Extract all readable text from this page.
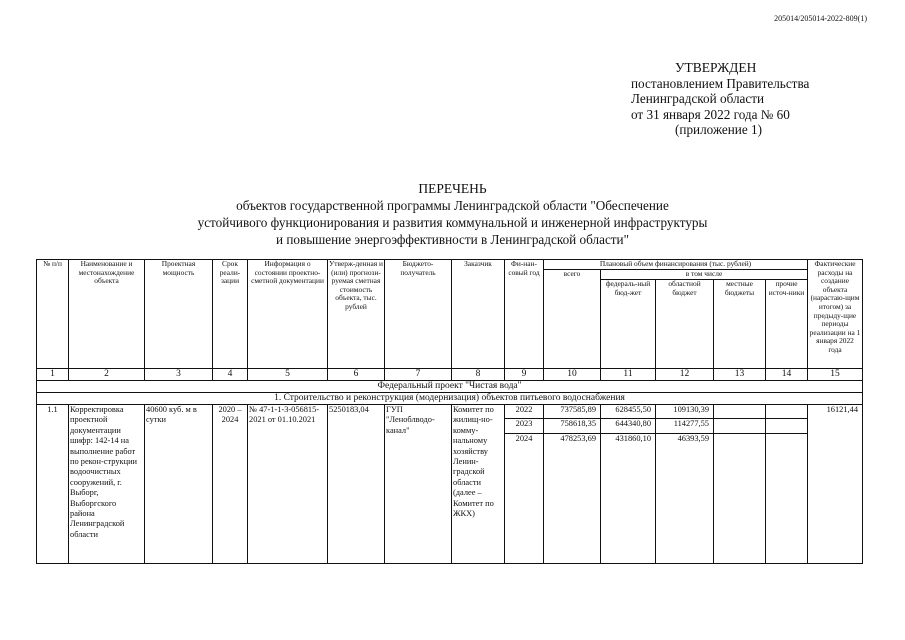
205014/205014-2022-809(1)
УТВЕРЖДЕН
постановлением Правительства
Ленинградской области
от 31 января 2022 года № 60
(приложение 1)
ПЕРЕЧЕНЬ
объектов государственной программы Ленинградской области "Обеспечение
устойчивого функционирования и развития коммунальной и инженерной инфраструктуры
и повышение энергоэффективности в Ленинградской области"
№ п/п	Наименование и местонахождение объекта	Проектная мощность	Срок реали-зации	Информация о состоянии проектно-сметной документации	Утверж-денная и (или) прогнози-руемая сметная стоимость объекта, тыс. рублей	Бюджето-получатель	Заказчик	Фи-нан-совый год	Плановый объем финансирования (тыс. рублей)					Фактические расходы на создание объекта (нарастаю-щим итогом) за предыду-щие периоды реализации на 1 января 2022 года
									всего	в том числе				
										федераль-ный бюд-жет	областной бюджет	местные бюджеты	прочие источ-ники	
1	2	3	4	5	6	7	8	9	10	11	12	13	14	15
Федеральный проект "Чистая вода"														
1. Строительство и реконструкция (модернизация) объектов питьевого водоснабжения														
1.1	Корректировка проектной документации шифр: 142-14 на выполнение работ по рекон-струкции водоочистных сооружений, г. Выборг, Выборгского района Ленинградской области	40600 куб. м в сутки	2020 – 2024	№ 47-1-1-3-056815-2021 от 01.10.2021	5250183,04	ГУП "Леноблводо-канал"	Комитет по жилищ-но-комму-нальному хозяйству Ленин-градской области (далее – Комитет по ЖКХ)	2022	737585,89	628455,50	109130,39			16121,44
								2023	758618,35	644340,80	114277,55			
								2024	478253,69	431860,10	46393,59			
